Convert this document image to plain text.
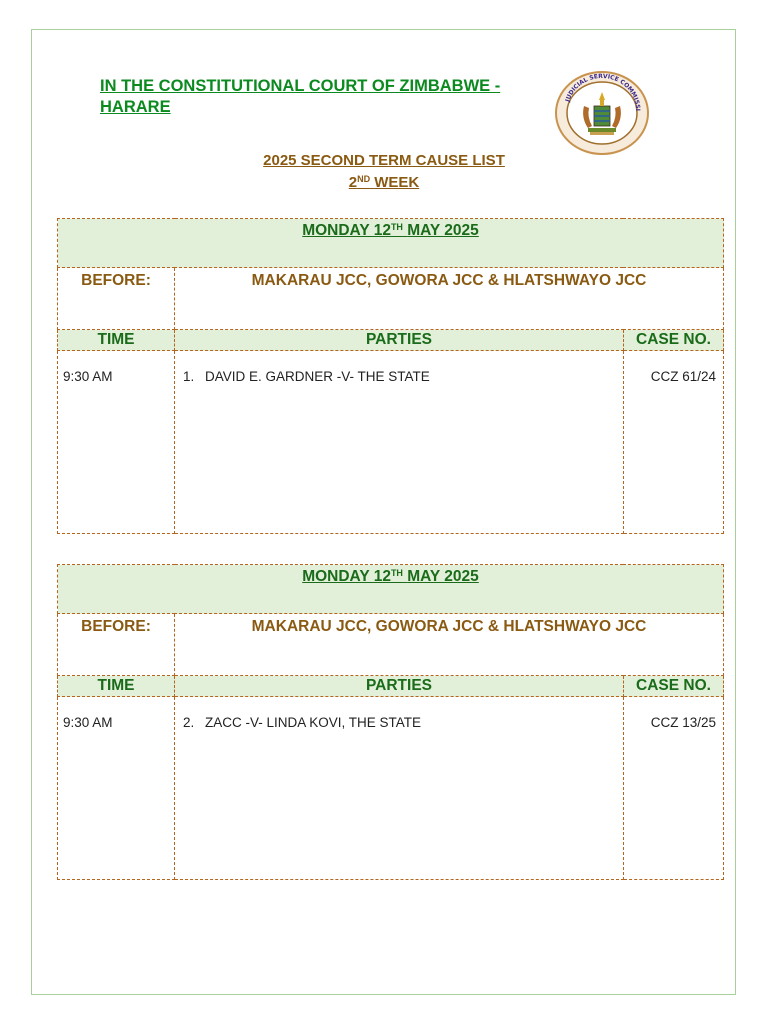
IN THE CONSTITUTIONAL COURT OF ZIMBABWE -
HARARE	JUDICIAL SERVICE COMMISSI
2025 SECOND TERM CAUSE LIST
2ND WEEK
MONDAY 12TH MAY 2025		
BEFORE:	MAKARAU JCC, GOWORA JCC & HLATSHWAYO JCC	
TIME	PARTIES	CASE NO.
9:30 AM	1. DAVID E. GARDNER -V- THE STATE	CCZ 61/24
MONDAY 12TH MAY 2025		
BEFORE:	MAKARAU JCC, GOWORA JCC & HLATSHWAYO JCC	
TIME	PARTIES	CASE NO.
9:30 AM	2. ZACC -V- LINDA KOVI, THE STATE	CCZ 13/25
